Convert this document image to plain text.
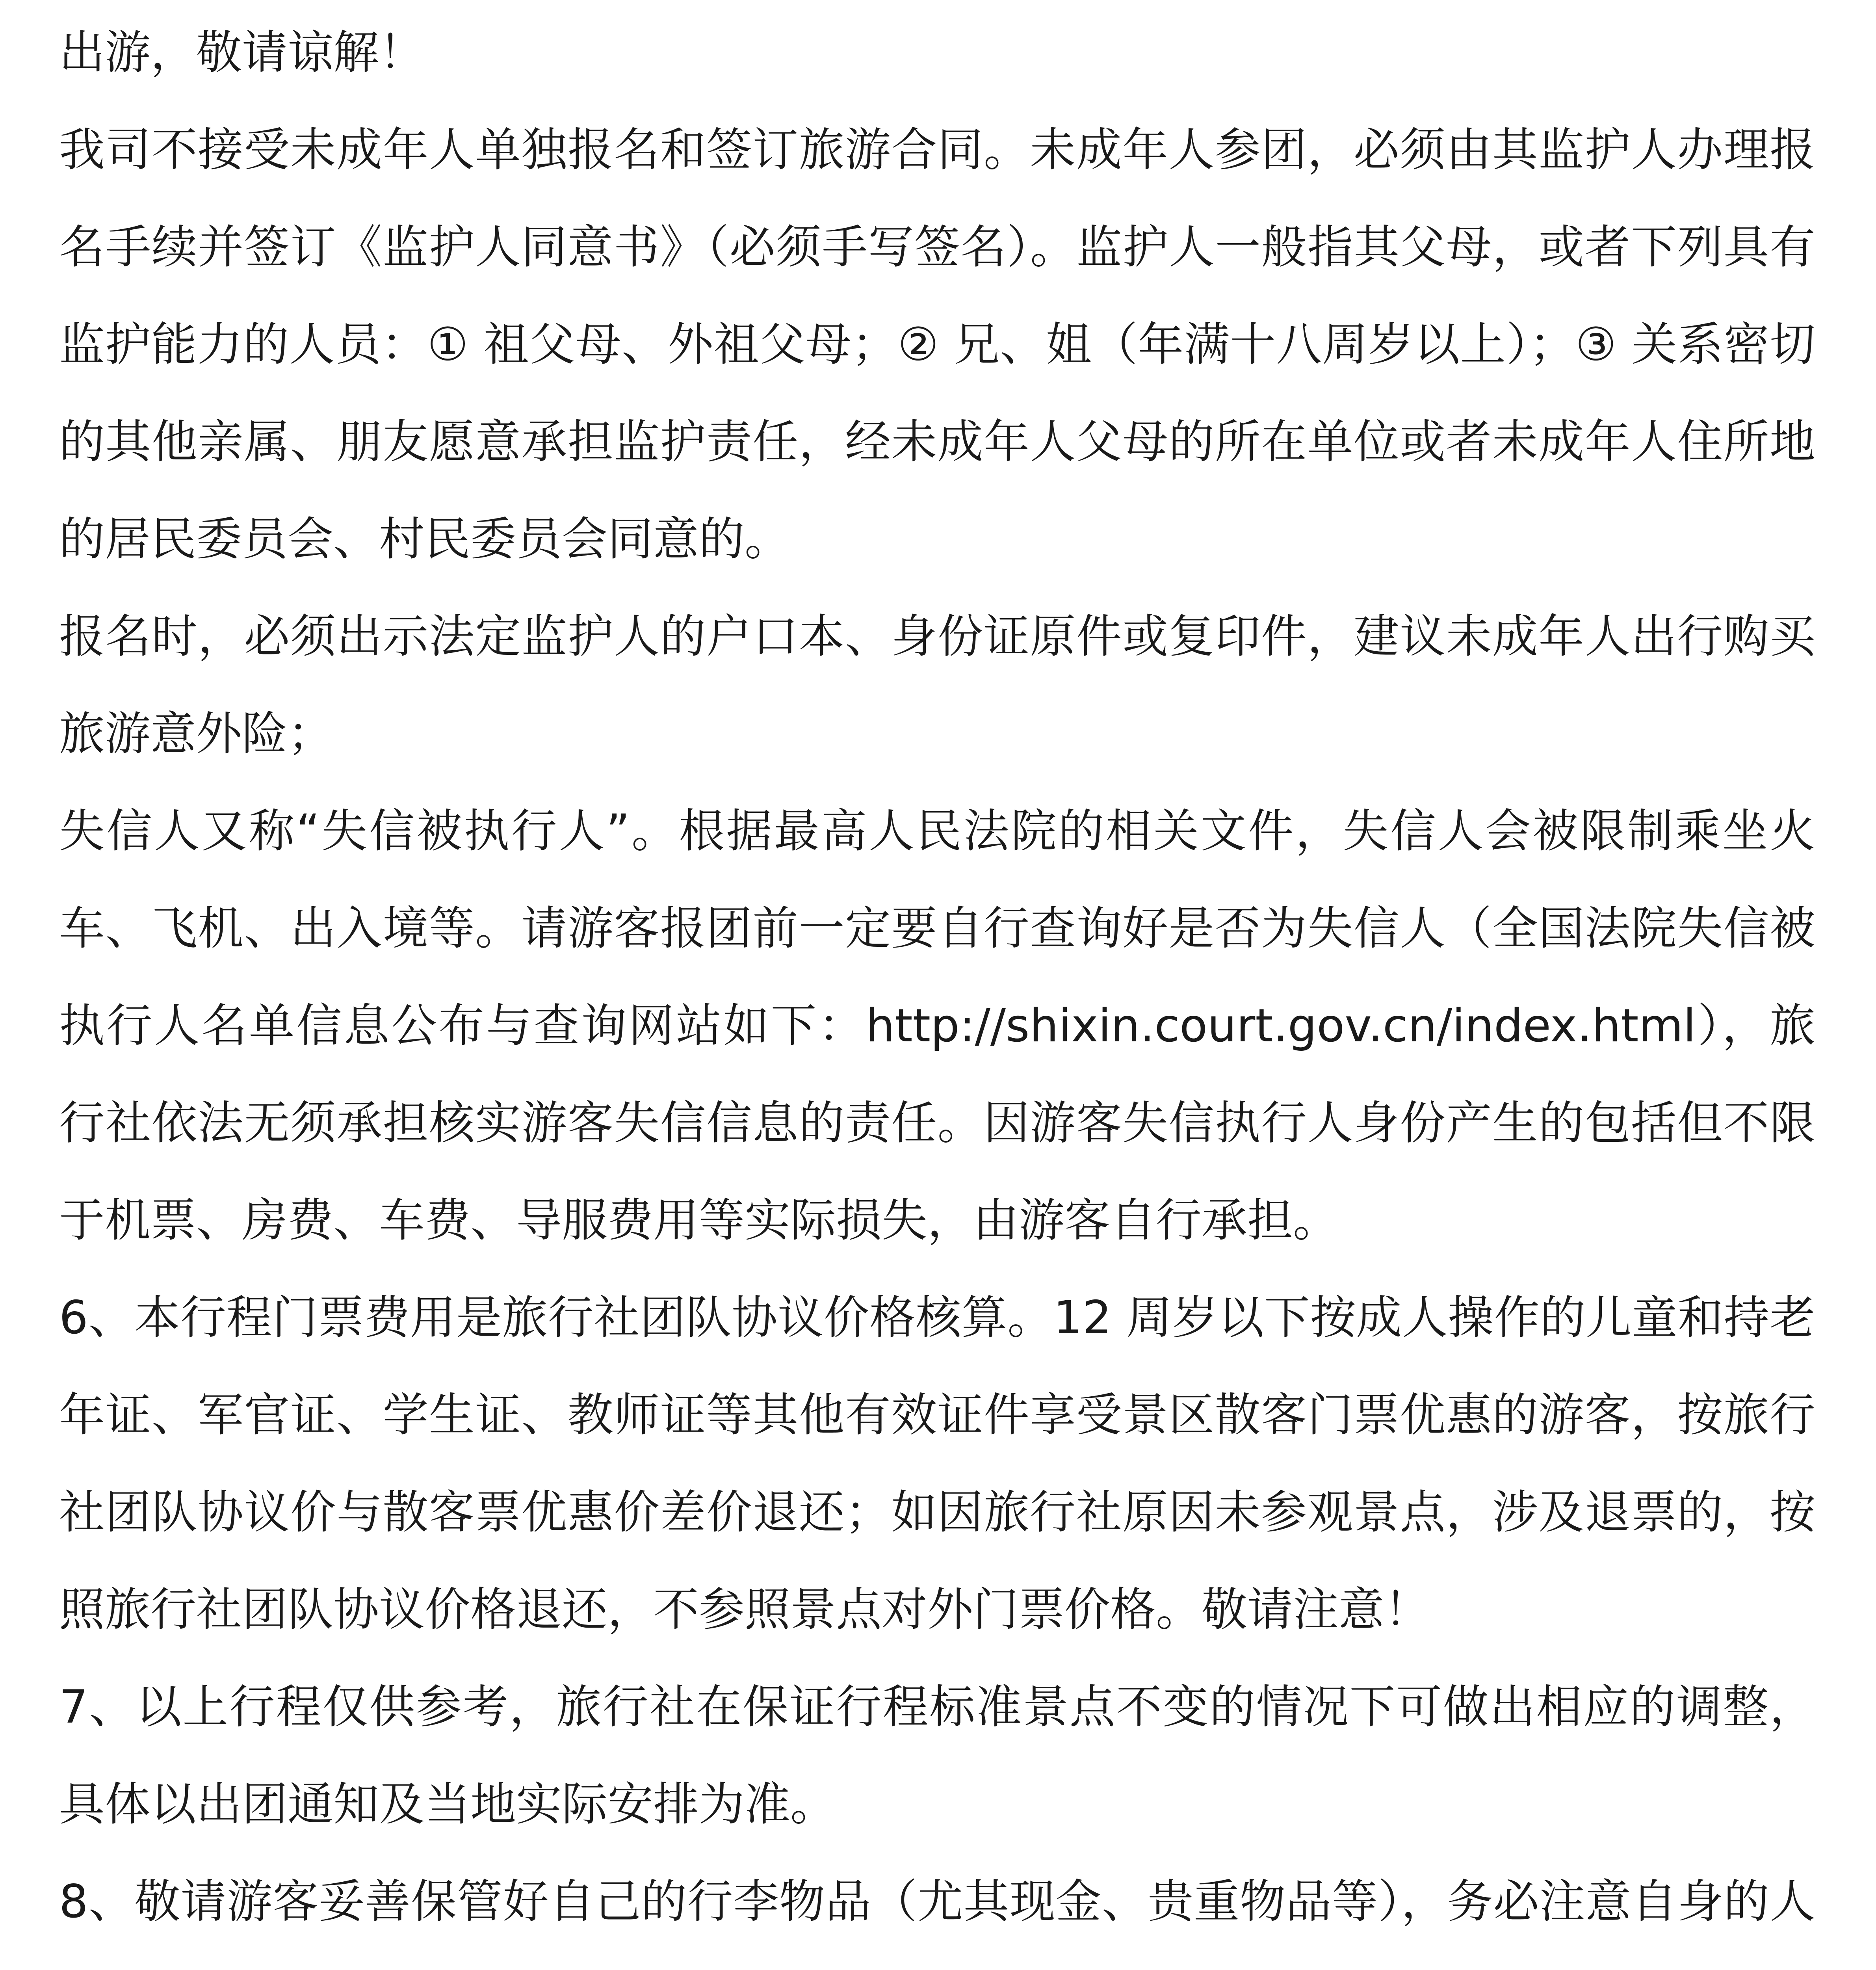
出游，敬请谅解！

我司不接受未成年人单独报名和签订旅游合同。未成年人参团，必须由其监护人办理报名手续并签订《监护人同意书》（必须手写签名）。监护人一般指其父母，或者下列具有监护能力的人员：① 祖父母、外祖父母；② 兄、姐（年满十八周岁以上）；③ 关系密切的其他亲属、朋友愿意承担监护责任，经未成年人父母的所在单位或者未成年人住所地的居民委员会、村民委员会同意的。

报名时，必须出示法定监护人的户口本、身份证原件或复印件，建议未成年人出行购买旅游意外险；

失信人又称“失信被执行人”。根据最高人民法院的相关文件，失信人会被限制乘坐火车、飞机、出入境等。请游客报团前一定要自行查询好是否为失信人（全国法院失信被执行人名单信息公布与查询网站如下：http://shixin.court.gov.cn/index.html），旅行社依法无须承担核实游客失信信息的责任。因游客失信执行人身份产生的包括但不限于机票、房费、车费、导服费用等实际损失，由游客自行承担。

6、本行程门票费用是旅行社团队协议价格核算。12 周岁以下按成人操作的儿童和持老年证、军官证、学生证、教师证等其他有效证件享受景区散客门票优惠的游客，按旅行社团队协议价与散客票优惠价差价退还；如因旅行社原因未参观景点，涉及退票的，按照旅行社团队协议价格退还，不参照景点对外门票价格。敬请注意！

7、以上行程仅供参考，旅行社在保证行程标准景点不变的情况下可做出相应的调整，具体以出团通知及当地实际安排为准。

8、敬请游客妥善保管好自己的行李物品（尤其现金、贵重物品等），务必注意自身的人
